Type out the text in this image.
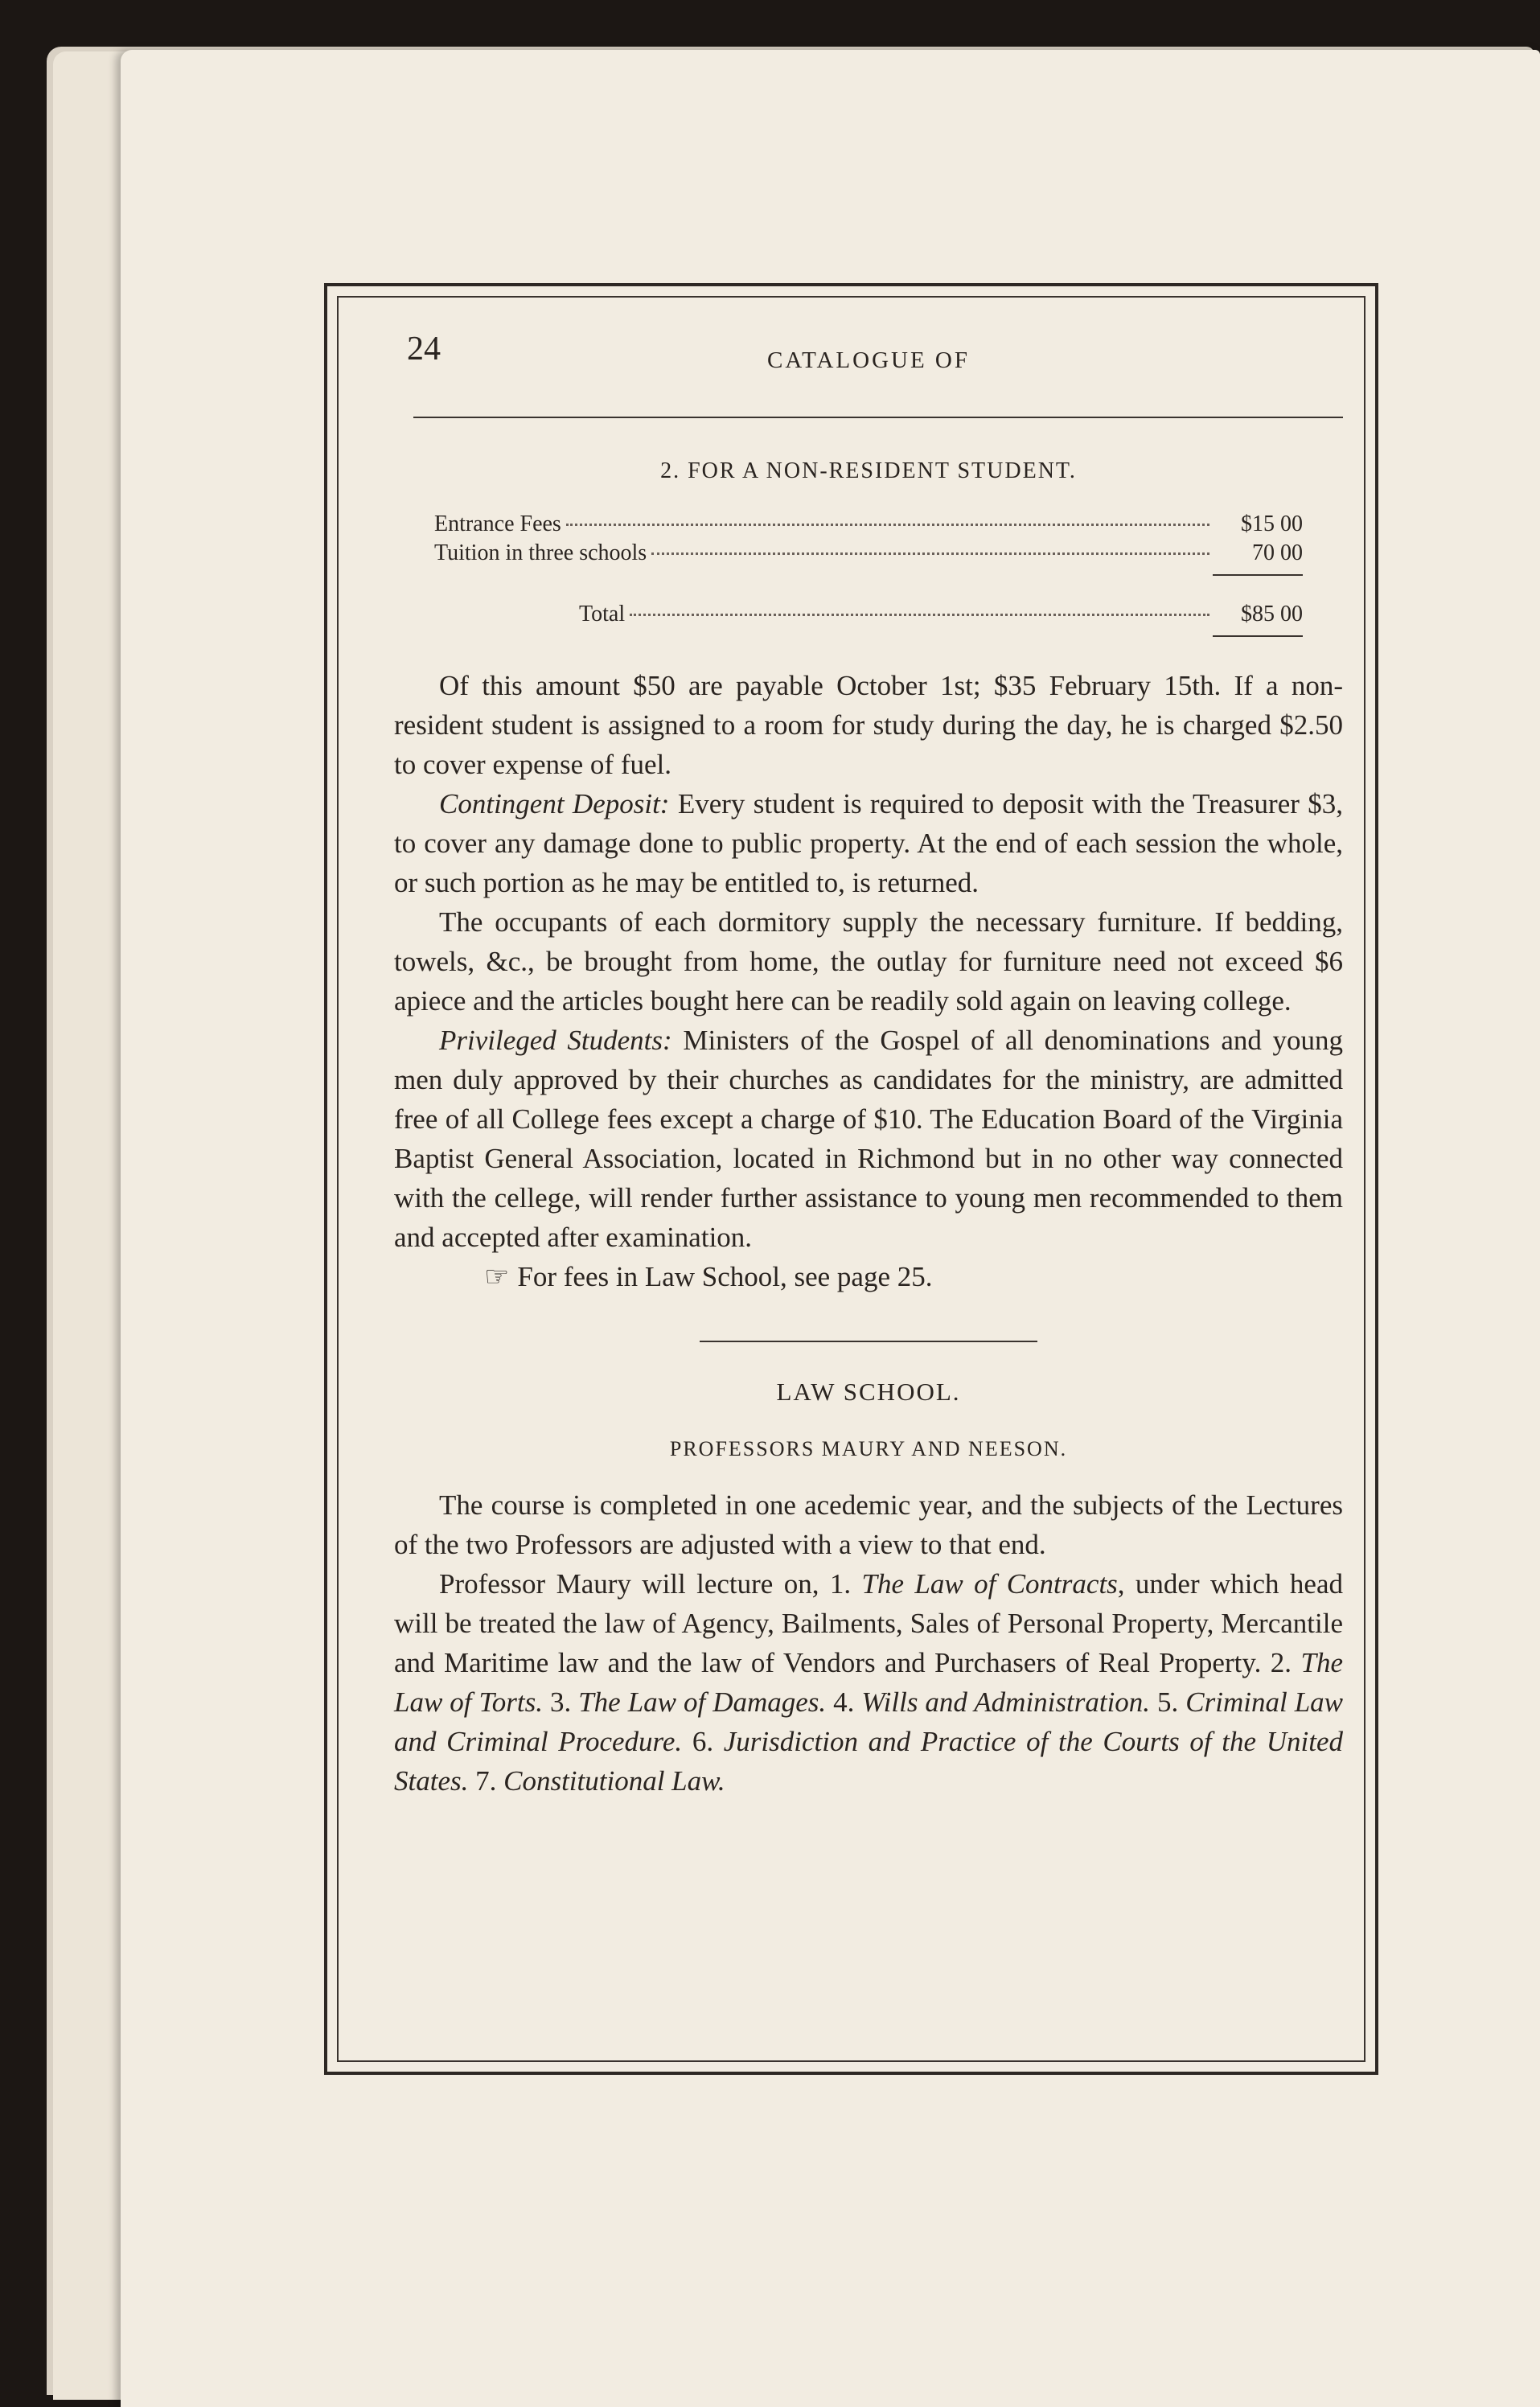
24	CATALOGUE OF
2. FOR A NON-RESIDENT STUDENT.
Entrance Fees	$15 00
Tuition in three schools	70 00
Total	$85 00

Of this amount $50 are payable October 1st; $35 February 15th. If a non-resident student is assigned to a room for study during the day, he is charged $2.50 to cover expense of fuel.

Contingent Deposit: Every student is required to deposit with the Treasurer $3, to cover any damage done to public property. At the end of each session the whole, or such portion as he may be entitled to, is returned.

The occupants of each dormitory supply the necessary furniture. If bedding, towels, &c., be brought from home, the outlay for furniture need not exceed $6 apiece and the articles bought here can be readily sold again on leaving college.

Privileged Students: Ministers of the Gospel of all denominations and young men duly approved by their churches as candidates for the ministry, are admitted free of all College fees except a charge of $10. The Education Board of the Virginia Baptist General Association, located in Richmond but in no other way connected with the cellege, will render further assistance to young men recommended to them and accepted after examination.

☞ For fees in Law School, see page 25.

LAW SCHOOL.
PROFESSORS MAURY AND NEESON.

The course is completed in one acedemic year, and the subjects of the Lectures of the two Professors are adjusted with a view to that end.

Professor Maury will lecture on, 1. The Law of Contracts, under which head will be treated the law of Agency, Bailments, Sales of Personal Property, Mercantile and Maritime law and the law of Vendors and Purchasers of Real Property. 2. The Law of Torts. 3. The Law of Damages. 4. Wills and Administration. 5. Criminal Law and Criminal Procedure. 6. Jurisdiction and Practice of the Courts of the United States. 7. Constitutional Law.
